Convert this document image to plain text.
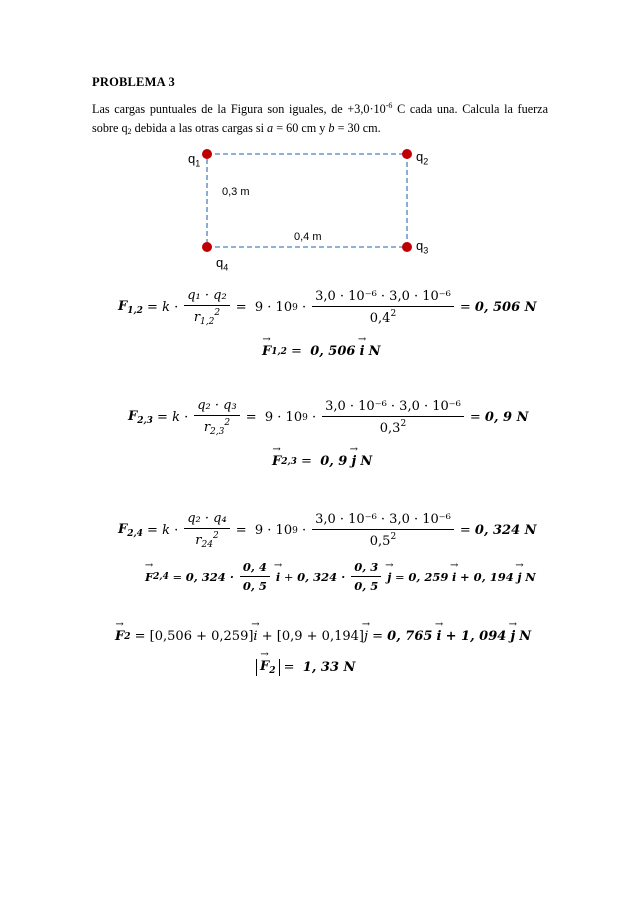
PROBLEMA 3
Las cargas puntuales de la Figura son iguales, de $+3,0\cdot 10^{-6}$ C cada una. Calcula la fuerza sobre $q_2$ debida a las otras cargas si a = 60 cm y b = 30 cm.
$q_1$	$q_2$
$q_3$
$q_4$
0,3 m
0,4 m
$F_{1,2} = k \cdot \frac{\text{q₁ · q₂}}{r_{1,2}^2} = 9 \cdot 10$ $9 \cdot \frac{\text{3,0 · 10⁻⁶ · 3,0 · 10⁻⁶}}{0,4^2} = 0$, 506 N
→ F 1,2 = 0, 506

→ i
N
$F_{2,3} = k \cdot \frac{\text{q₂ · q₃}}{r_{2,3}^2} = 9 \cdot 10$ $9 \cdot \frac{\text{3,0 · 10⁻⁶ · 3,0 · 10⁻⁶}}{0,3^2} = 0$, 9 N
→ F 2,3 = 0, 9

→ j
N
$F_{2,4} = k \cdot \frac{\text{q₂ · q₄}}{r_{24}^2} = 9 \cdot 10$ $9 \cdot \frac{\text{3,0 · 10⁻⁶ · 3,0 · 10⁻⁶}}{0,5^2} = 0$, 324 N
→ F 2,4 = 0, $324 \cdot \frac{0, 4}{0, 5}$
→ i
+
0, $324 \cdot \frac{0, 3}{0, 5}$
→ j = 0, 259

→ i
+ 0, 194

→ j
N
→ F 2 = [0,506 + 0,259]
→ i
+
[0,9 + 0,194]
→ j = 0, 765

→ i
+ 1, 094

→ j
N
→ $F_2 = 1$, 33 N
